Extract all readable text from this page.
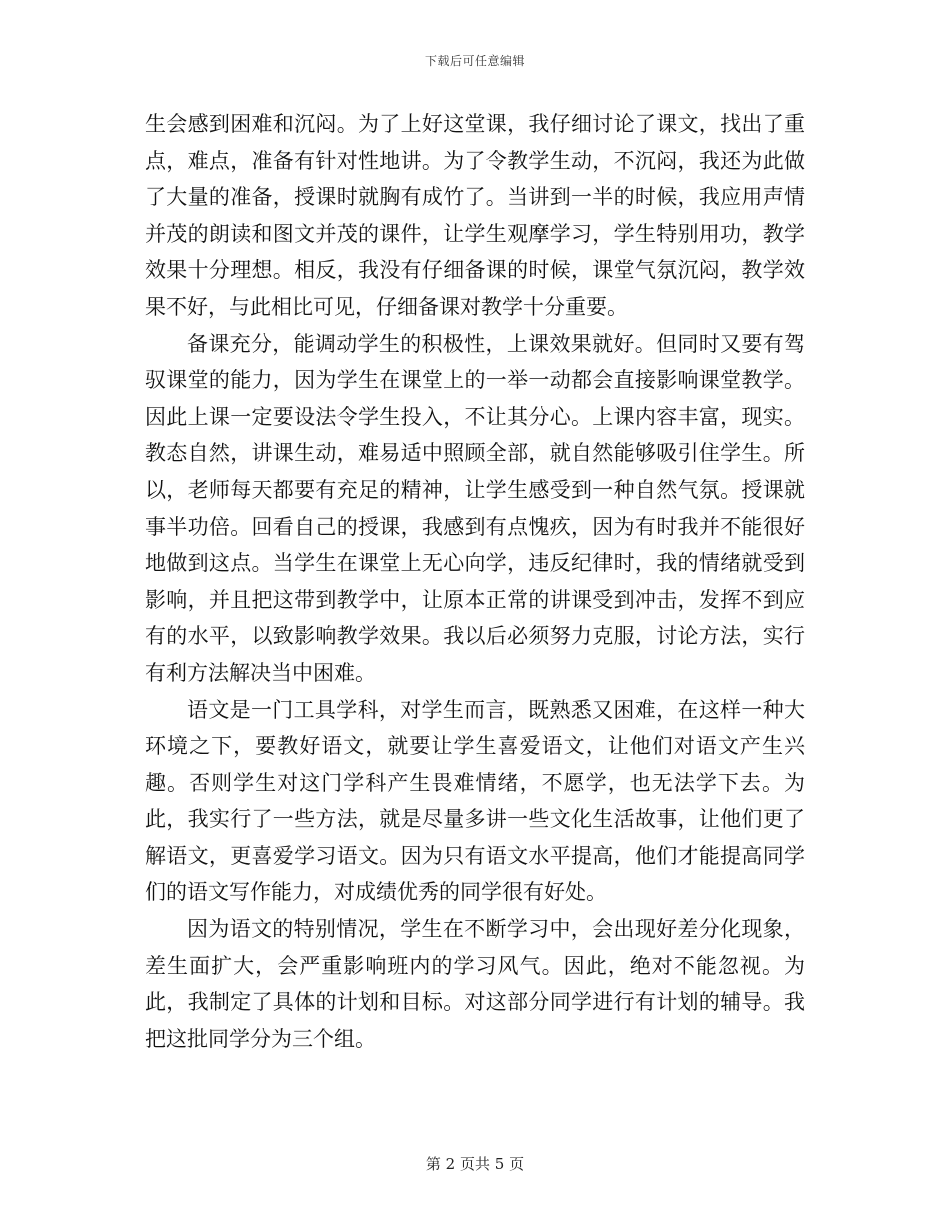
下载后可任意编辑

生会感到困难和沉闷。为了上好这堂课，我仔细讨论了课文，找出了重点，难点，准备有针对性地讲。为了令教学生动，不沉闷，我还为此做了大量的准备，授课时就胸有成竹了。当讲到一半的时候，我应用声情并茂的朗读和图文并茂的课件，让学生观摩学习，学生特别用功，教学效果十分理想。相反，我没有仔细备课的时候，课堂气氛沉闷，教学效果不好，与此相比可见，仔细备课对教学十分重要。

备课充分，能调动学生的积极性，上课效果就好。但同时又要有驾驭课堂的能力，因为学生在课堂上的一举一动都会直接影响课堂教学。因此上课一定要设法令学生投入，不让其分心。上课内容丰富，现实。教态自然，讲课生动，难易适中照顾全部，就自然能够吸引住学生。所以，老师每天都要有充足的精神，让学生感受到一种自然气氛。授课就事半功倍。回看自己的授课，我感到有点愧疚，因为有时我并不能很好地做到这点。当学生在课堂上无心向学，违反纪律时，我的情绪就受到影响，并且把这带到教学中，让原本正常的讲课受到冲击，发挥不到应有的水平，以致影响教学效果。我以后必须努力克服，讨论方法，实行有利方法解决当中困难。

语文是一门工具学科，对学生而言，既熟悉又困难，在这样一种大环境之下，要教好语文，就要让学生喜爱语文，让他们对语文产生兴趣。否则学生对这门学科产生畏难情绪，不愿学，也无法学下去。为此，我实行了一些方法，就是尽量多讲一些文化生活故事，让他们更了解语文，更喜爱学习语文。因为只有语文水平提高，他们才能提高同学们的语文写作能力，对成绩优秀的同学很有好处。

因为语文的特别情况，学生在不断学习中，会出现好差分化现象，差生面扩大，会严重影响班内的学习风气。因此，绝对不能忽视。为此，我制定了具体的计划和目标。对这部分同学进行有计划的辅导。我把这批同学分为三个组。

第 2 页共 5 页
